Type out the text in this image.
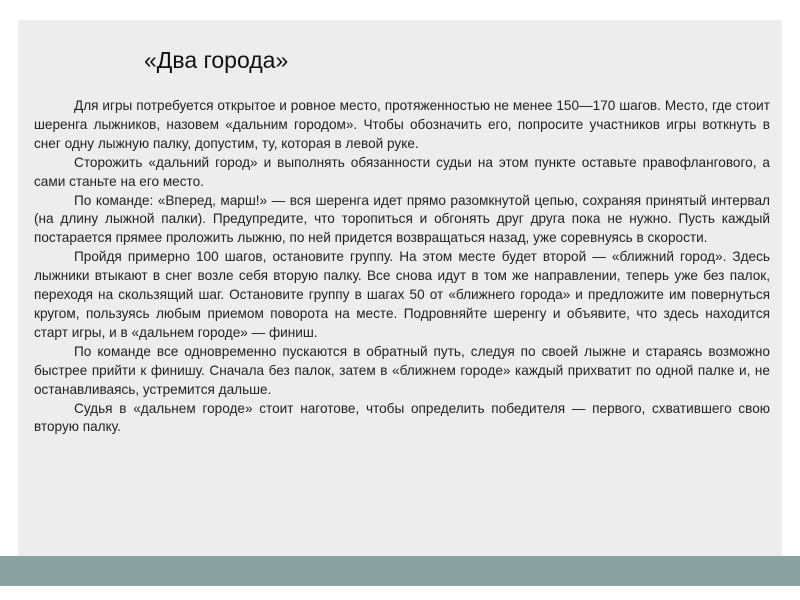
«Два города»

Для игры потребуется открытое и ровное место, протяженностью не менее 150—170 шагов. Место, где стоит шеренга лыжников, назовем «дальним городом». Чтобы обозначить его, попросите участников игры воткнуть в снег одну лыжную палку, допустим, ту, которая в левой руке.

Сторожить «дальний город» и выполнять обязанности судьи на этом пункте оставьте правофлангового, а сами станьте на его место.

По команде: «Вперед, марш!» — вся шеренга идет прямо разомкнутой цепью, сохраняя принятый интервал (на длину лыжной палки). Предупредите, что торопиться и обгонять друг друга пока не нужно. Пусть каждый постарается прямее проложить лыжню, по ней придется возвращаться назад, уже соревнуясь в скорости.

Пройдя примерно 100 шагов, остановите группу. На этом месте будет второй — «ближний город». Здесь лыжники втыкают в снег возле себя вторую палку. Все снова идут в том же направлении, теперь уже без палок, переходя на скользящий шаг. Остановите группу в шагах 50 от «ближнего города» и предложите им повернуться кругом, пользуясь любым приемом поворота на месте. Подровняйте шеренгу и объявите, что здесь находится старт игры, и в «дальнем городе» — финиш.

По команде все одновременно пускаются в обратный путь, следуя по своей лыжне и стараясь возможно быстрее прийти к финишу. Сначала без палок, затем в «ближнем городе» каждый прихватит по одной палке и, не останавливаясь, устремится дальше.

Судья в «дальнем городе» стоит наготове, чтобы определить победителя — первого, схватившего свою вторую палку.
